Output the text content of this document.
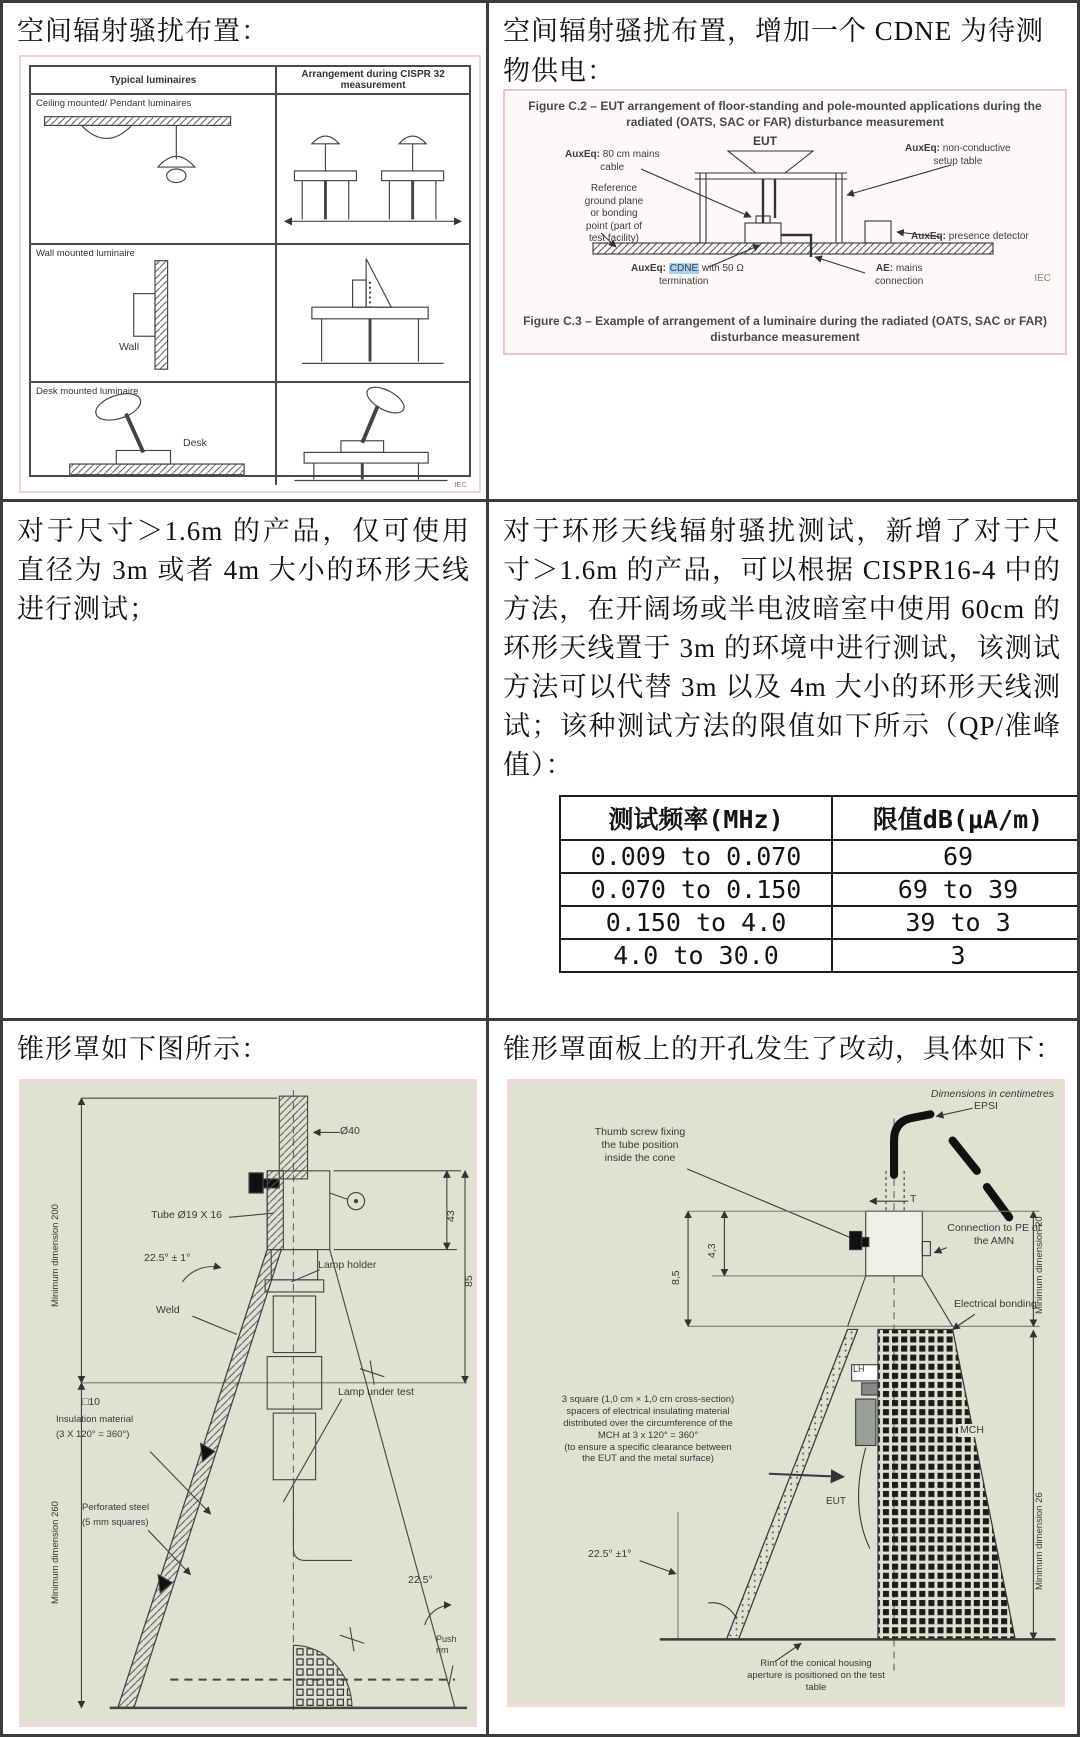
空间辐射骚扰布置：
Typical luminaires	Arrangement during CISPR 32 measurement
Ceiling mounted/ Pendant luminaires
Wall mounted luminaire
Wall
Desk mounted luminaire
Desk
IEC
空间辐射骚扰布置，增加一个 CDNE 为待测物供电：
Figure C.2 – EUT arrangement of floor-standing and pole-mounted applications during the radiated (OATS, SAC or FAR) disturbance measurement
EUT
AuxEq: 80 cm mains
cable
AuxEq: non-conductive
setup table
Reference
ground plane
or bonding
point (part of
test facility)	AuxEq: presence detector
AuxEq: CDNE with 50 Ω
termination
AE: mains
connection	IEC
Figure C.3 – Example of arrangement of a luminaire during the radiated (OATS, SAC or FAR) disturbance measurement
对于尺寸＞1.6m 的产品，仅可使用直径为 3m 或者 4m 大小的环形天线进行测试；
对于环形天线辐射骚扰测试，新增了对于尺寸＞1.6m 的产品，可以根据 CISPR16-4 中的方法，在开阔场或半电波暗室中使用 60cm 的环形天线置于 3m 的环境中进行测试，该测试方法可以代替 3m 以及 4m 大小的环形天线测试；该种测试方法的限值如下所示（QP/准峰值）：
测试频率(MHz)	限值dB(μA/m)
0.009 to 0.070	69
0.070 to 0.150	69 to 39
0.150 to 4.0	39 to 3
4.0 to 30.0	3
锥形罩如下图所示：
Minimum dimension 200
Ø40
43
85
Tube Ø19 X 16
22.5° ± 1°
Lamp holder
Weld
□10
Insulation material
(3 X 120° = 360°)
Lamp under test
Minimum dimension 260 Perforated steel
(5 mm squares)
22.5°
Push
rim
锥形罩面板上的开孔发生了改动，具体如下：
Dimensions in centimetres
Thumb screw fixing
the tube position
inside the cone
EPSI
T
Minimum dimension 20
Connection to PE of
the AMN
4,3
8,5
Electrical bonding
LH
EUT
MCH
3 square (1,0 cm × 1,0 cm cross-section)
spacers of electrical insulating material
distributed over the circumference of the
MCH at 3 x 120° = 360°
(to ensure a specific clearance between
the EUT and the metal surface)
22.5° ±1°	Minimum dimension 26
Rim of the conical housing
aperture is positioned on the test
table
